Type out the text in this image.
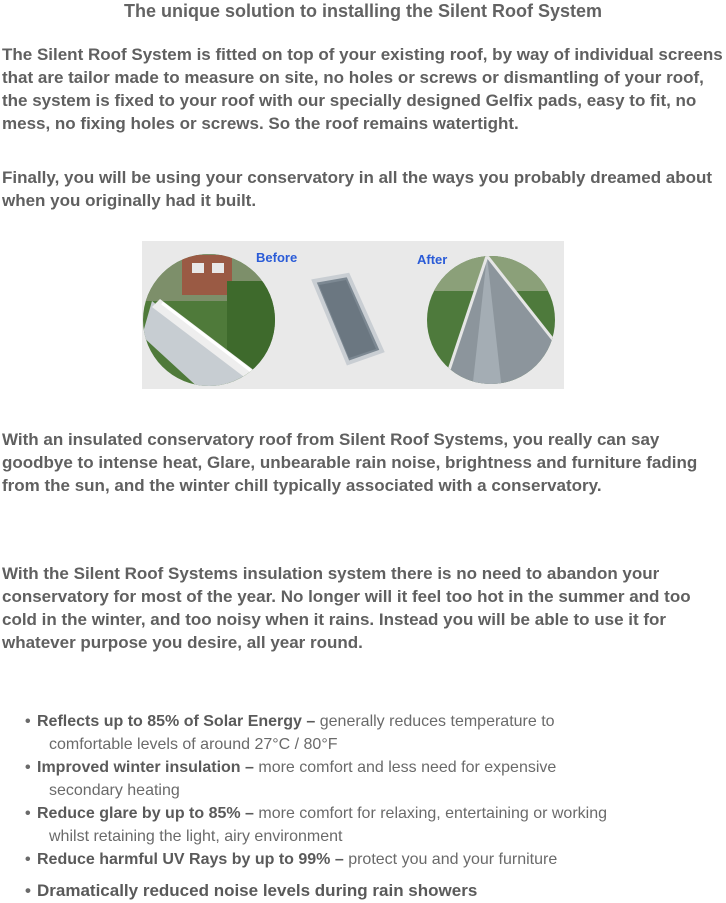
The unique solution to installing the Silent Roof System

The Silent Roof System is fitted on top of your existing roof, by way of individual screens that are tailor made to measure on site, no holes or screws or dismantling of your roof, the system is fixed to your roof with our specially designed Gelfix pads, easy to fit, no mess, no fixing holes or screws. So the roof remains watertight.

Finally, you will be using your conservatory in all the ways you probably dreamed about when you originally had it built.

Before	After

With an insulated conservatory roof from Silent Roof Systems, you really can say goodbye to intense heat, Glare, unbearable rain noise, brightness and furniture fading from the sun, and the winter chill typically associated with a conservatory.

With the Silent Roof Systems insulation system there is no need to abandon your conservatory for most of the year. No longer will it feel too hot in the summer and too cold in the winter, and too noisy when it rains. Instead you will be able to use it for whatever purpose you desire, all year round.

• Reflects up to 85% of Solar Energy – generally reduces temperature to
comfortable levels of around 27°C / 80°F
• Improved winter insulation – more comfort and less need for expensive
secondary heating
• Reduce glare by up to 85% – more comfort for relaxing, entertaining or working
whilst retaining the light, airy environment
• Reduce harmful UV Rays by up to 99% – protect you and your furniture
• Dramatically reduced noise levels during rain showers
